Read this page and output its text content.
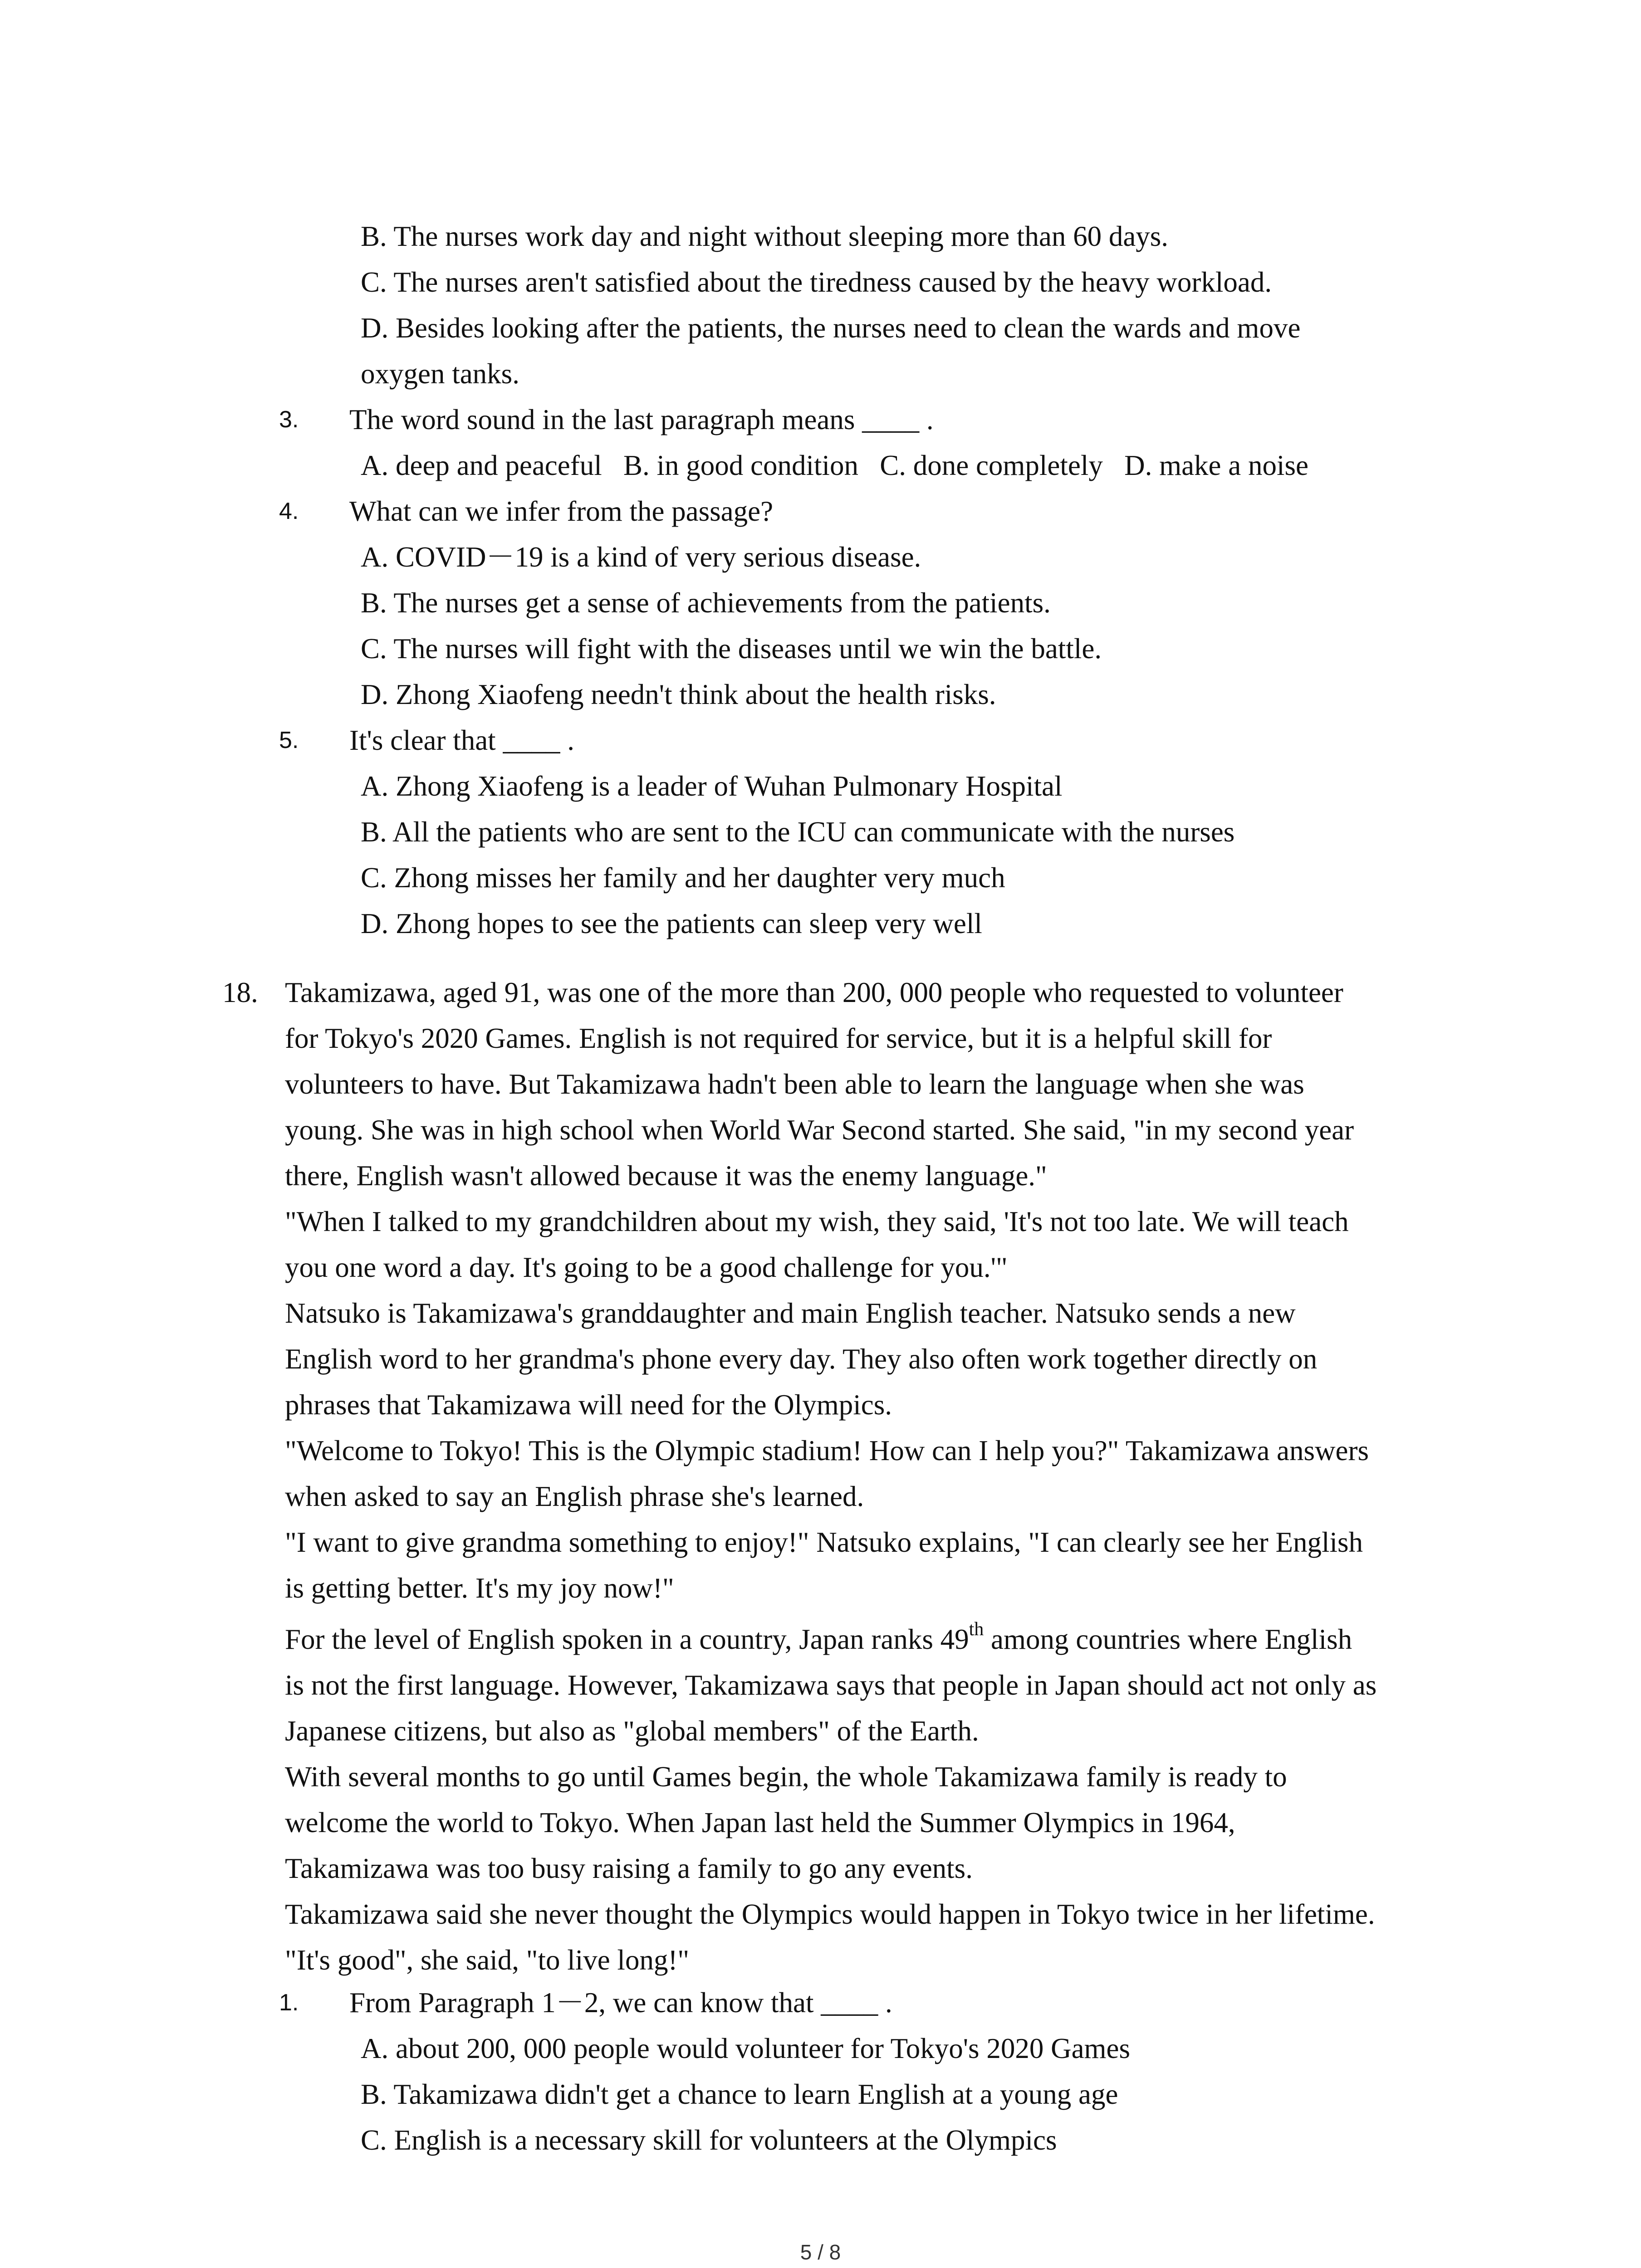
B. The nurses work day and night without sleeping more than 60 days.
C. The nurses aren't satisfied about the tiredness caused by the heavy workload.
D. Besides looking after the patients, the nurses need to clean the wards and move
oxygen tanks.
3.	The word sound in the last paragraph means ____ .
A. deep and peaceful   B. in good condition   C. done completely   D. make a noise
4.	What can we infer from the passage?
A. COVID－19 is a kind of very serious disease.
B. The nurses get a sense of achievements from the patients.
C. The nurses will fight with the diseases until we win the battle.
D. Zhong Xiaofeng needn't think about the health risks.
5.	It's clear that ____ .
A. Zhong Xiaofeng is a leader of Wuhan Pulmonary Hospital
B. All the patients who are sent to the ICU can communicate with the nurses
C. Zhong misses her family and her daughter very much
D. Zhong hopes to see the patients can sleep very well
18. Takamizawa, aged 91, was one of the more than 200, 000 people who requested to volunteer
for Tokyo's 2020 Games. English is not required for service, but it is a helpful skill for
volunteers to have. But Takamizawa hadn't been able to learn the language when she was
young. She was in high school when World War Second started. She said, "in my second year
there, English wasn't allowed because it was the enemy language."
"When I talked to my grandchildren about my wish, they said, 'It's not too late. We will teach
you one word a day. It's going to be a good challenge for you.'"
Natsuko is Takamizawa's granddaughter and main English teacher. Natsuko sends a new
English word to her grandma's phone every day. They also often work together directly on
phrases that Takamizawa will need for the Olympics.
"Welcome to Tokyo! This is the Olympic stadium! How can I help you?" Takamizawa answers
when asked to say an English phrase she's learned.
"I want to give grandma something to enjoy!" Natsuko explains, "I can clearly see her English
is getting better. It's my joy now!"
For the level of English spoken in a country, Japan ranks 49th among countries where English
is not the first language. However, Takamizawa says that people in Japan should act not only as
Japanese citizens, but also as "global members" of the Earth.
With several months to go until Games begin, the whole Takamizawa family is ready to
welcome the world to Tokyo. When Japan last held the Summer Olympics in 1964,
Takamizawa was too busy raising a family to go any events.
Takamizawa said she never thought the Olympics would happen in Tokyo twice in her lifetime.
"It's good", she said, "to live long!"
1.	From Paragraph 1－2, we can know that ____ .
A. about 200, 000 people would volunteer for Tokyo's 2020 Games
B. Takamizawa didn't get a chance to learn English at a young age
C. English is a necessary skill for volunteers at the Olympics
5 / 8
